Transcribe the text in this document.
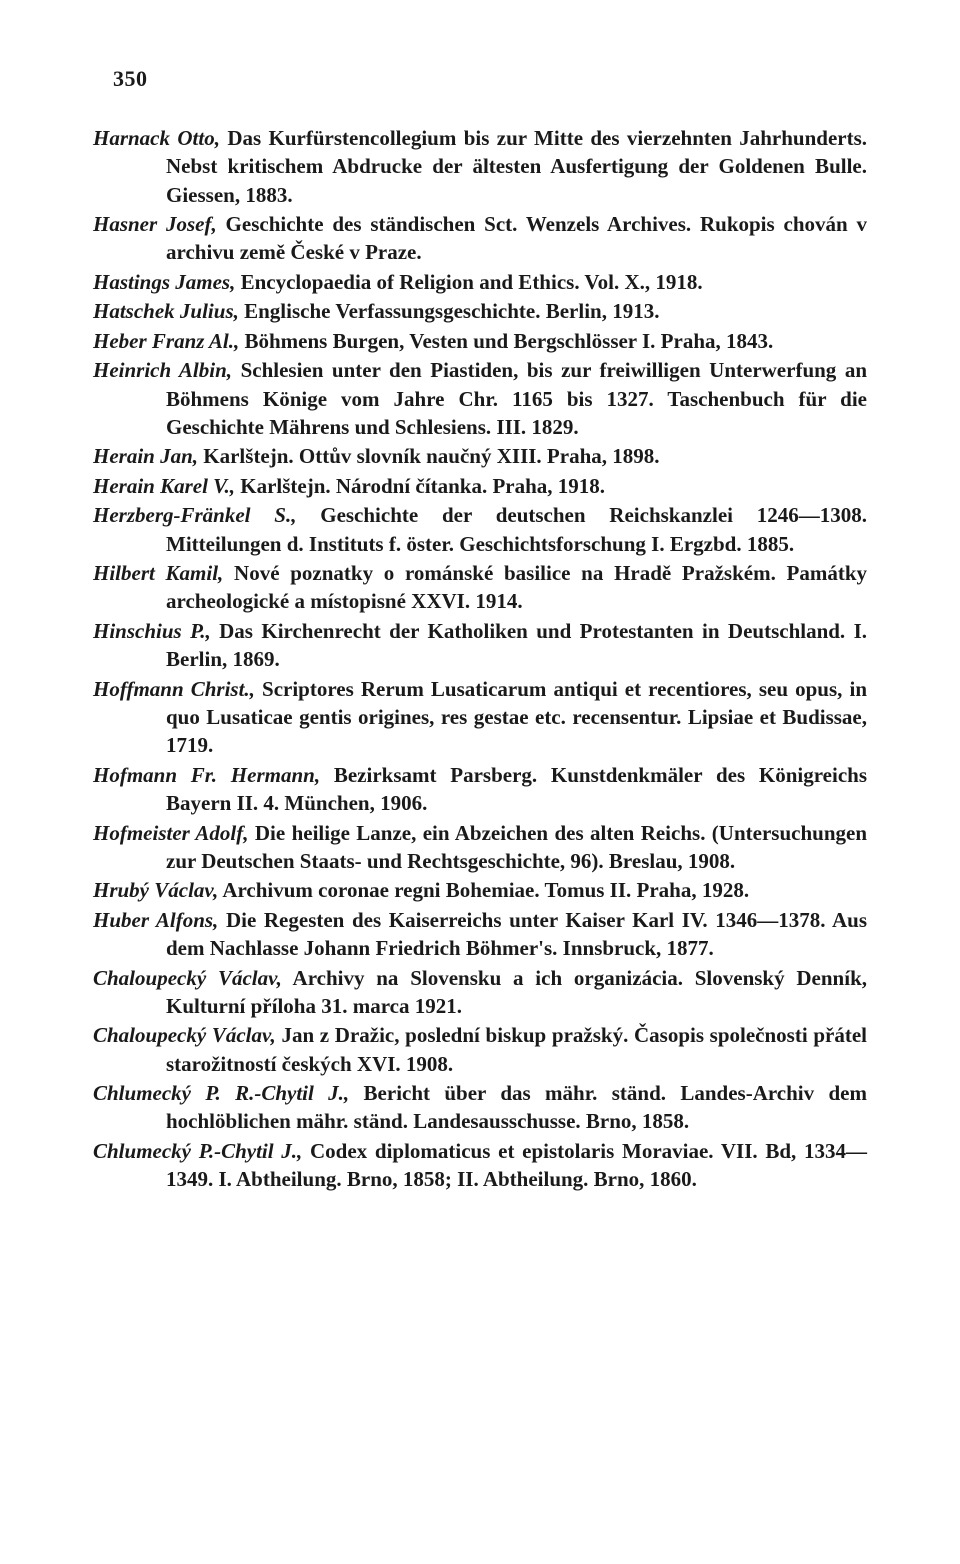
350

Harnack Otto, Das Kurfürstencollegium bis zur Mitte des vierzehnten Jahrhunderts. Nebst kritischem Abdrucke der ältesten Ausfertigung der Goldenen Bulle. Giessen, 1883.

Hasner Josef, Geschichte des ständischen Sct. Wenzels Archives. Rukopis chován v archivu země České v Praze.

Hastings James, Encyclopaedia of Religion and Ethics. Vol. X., 1918.

Hatschek Julius, Englische Verfassungsgeschichte. Berlin, 1913.

Heber Franz Al., Böhmens Burgen, Vesten und Bergschlösser I. Praha, 1843.

Heinrich Albin, Schlesien unter den Piastiden, bis zur freiwilligen Unterwerfung an Böhmens Könige vom Jahre Chr. 1165 bis 1327. Taschenbuch für die Geschichte Mährens und Schlesiens. III. 1829.

Herain Jan, Karlštejn. Ottův slovník naučný XIII. Praha, 1898.

Herain Karel V., Karlštejn. Národní čítanka. Praha, 1918.

Herzberg-Fränkel S., Geschichte der deutschen Reichskanzlei 1246—1308. Mitteilungen d. Instituts f. öster. Geschichtsforschung I. Ergzbd. 1885.

Hilbert Kamil, Nové poznatky o románské basilice na Hradě Pražském. Památky archeologické a místopisné XXVI. 1914.

Hinschius P., Das Kirchenrecht der Katholiken und Protestanten in Deutschland. I. Berlin, 1869.

Hoffmann Christ., Scriptores Rerum Lusaticarum antiqui et recentiores, seu opus, in quo Lusaticae gentis origines, res gestae etc. recensentur. Lipsiae et Budissae, 1719.

Hofmann Fr. Hermann, Bezirksamt Parsberg. Kunstdenkmäler des Königreichs Bayern II. 4. München, 1906.

Hofmeister Adolf, Die heilige Lanze, ein Abzeichen des alten Reichs. (Untersuchungen zur Deutschen Staats- und Rechtsgeschichte, 96). Breslau, 1908.

Hrubý Václav, Archivum coronae regni Bohemiae. Tomus II. Praha, 1928.

Huber Alfons, Die Regesten des Kaiserreichs unter Kaiser Karl IV. 1346—1378. Aus dem Nachlasse Johann Friedrich Böhmer's. Innsbruck, 1877.

Chaloupecký Václav, Archivy na Slovensku a ich organizácia. Slovenský Denník, Kulturní příloha 31. marca 1921.

Chaloupecký Václav, Jan z Dražic, poslední biskup pražský. Časopis společnosti přátel starožitností českých XVI. 1908.

Chlumecký P. R.-Chytil J., Bericht über das mähr. ständ. Landes-Archiv dem hochlöblichen mähr. ständ. Landesausschusse. Brno, 1858.

Chlumecký P.-Chytil J., Codex diplomaticus et epistolaris Moraviae. VII. Bd, 1334—1349. I. Abtheilung. Brno, 1858; II. Abtheilung. Brno, 1860.
